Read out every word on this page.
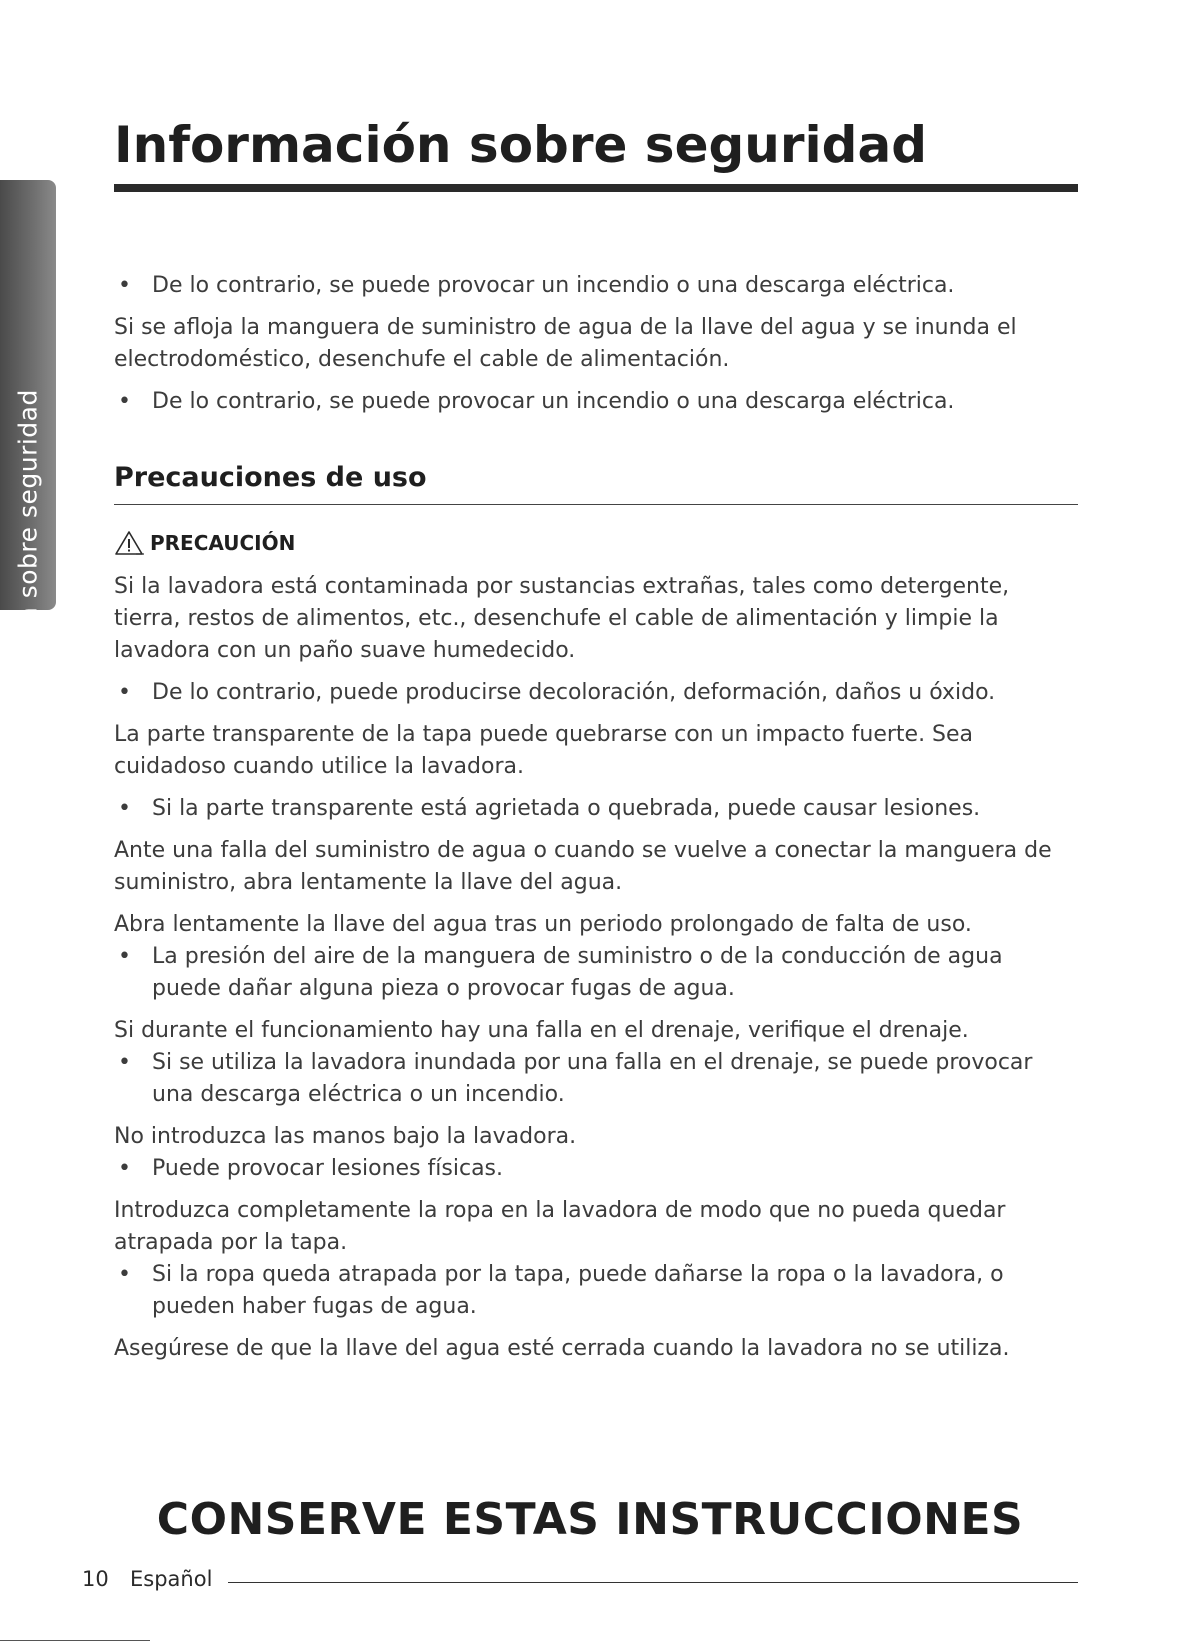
Información sobre seguridad
Información sobre seguridad

• De lo contrario, se puede provocar un incendio o una descarga eléctrica.

Si se afloja la manguera de suministro de agua de la llave del agua y se inunda el electrodoméstico, desenchufe el cable de alimentación.

• De lo contrario, se puede provocar un incendio o una descarga eléctrica.

Precauciones de uso
PRECAUCIÓN

Si la lavadora está contaminada por sustancias extrañas, tales como detergente, tierra, restos de alimentos, etc., desenchufe el cable de alimentación y limpie la lavadora con un paño suave humedecido.

• De lo contrario, puede producirse decoloración, deformación, daños u óxido.

La parte transparente de la tapa puede quebrarse con un impacto fuerte. Sea cuidadoso cuando utilice la lavadora.

• Si la parte transparente está agrietada o quebrada, puede causar lesiones.

Ante una falla del suministro de agua o cuando se vuelve a conectar la manguera de suministro, abra lentamente la llave del agua.

Abra lentamente la llave del agua tras un periodo prolongado de falta de uso.

• La presión del aire de la manguera de suministro o de la conducción de agua puede dañar alguna pieza o provocar fugas de agua.

Si durante el funcionamiento hay una falla en el drenaje, verifique el drenaje.

• Si se utiliza la lavadora inundada por una falla en el drenaje, se puede provocar una descarga eléctrica o un incendio.

No introduzca las manos bajo la lavadora.

• Puede provocar lesiones físicas.

Introduzca completamente la ropa en la lavadora de modo que no pueda quedar atrapada por la tapa.

• Si la ropa queda atrapada por la tapa, puede dañarse la ropa o la lavadora, o pueden haber fugas de agua.

Asegúrese de que la llave del agua esté cerrada cuando la lavadora no se utiliza.

CONSERVE ESTAS INSTRUCCIONES
10 Español
